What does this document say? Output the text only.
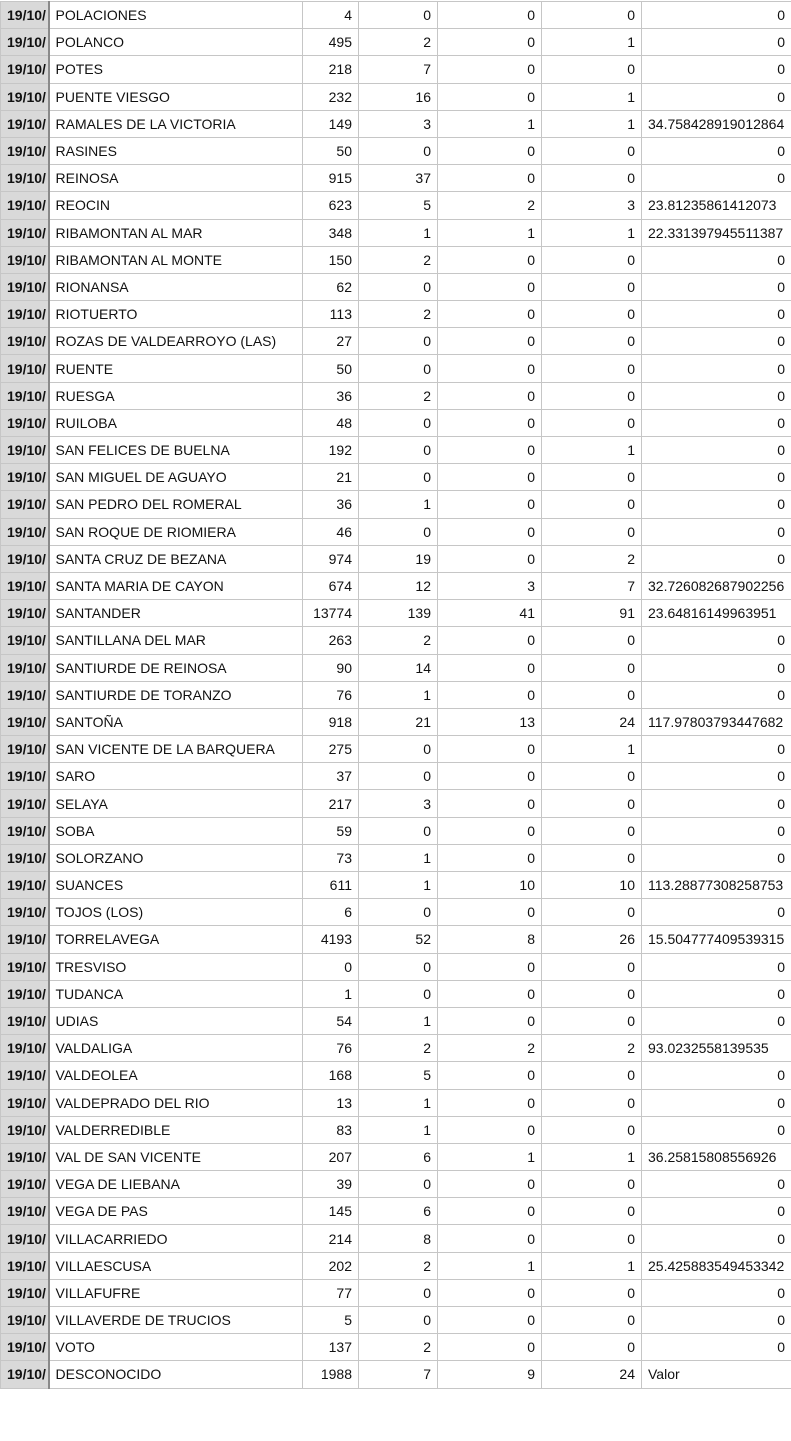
19/10/	POLACIONES	4	0	0	0	0
19/10/	POLANCO	495	2	0	1	0
19/10/	POTES	218	7	0	0	0
19/10/	PUENTE VIESGO	232	16	0	1	0
19/10/	RAMALES DE LA VICTORIA	149	3	1	1	34.758428919012864
19/10/	RASINES	50	0	0	0	0
19/10/	REINOSA	915	37	0	0	0
19/10/	REOCIN	623	5	2	3	23.81235861412073
19/10/	RIBAMONTAN AL MAR	348	1	1	1	22.331397945511387
19/10/	RIBAMONTAN AL MONTE	150	2	0	0	0
19/10/	RIONANSA	62	0	0	0	0
19/10/	RIOTUERTO	113	2	0	0	0
19/10/	ROZAS DE VALDEARROYO (LAS)	27	0	0	0	0
19/10/	RUENTE	50	0	0	0	0
19/10/	RUESGA	36	2	0	0	0
19/10/	RUILOBA	48	0	0	0	0
19/10/	SAN FELICES DE BUELNA	192	0	0	1	0
19/10/	SAN MIGUEL DE AGUAYO	21	0	0	0	0
19/10/	SAN PEDRO DEL ROMERAL	36	1	0	0	0
19/10/	SAN ROQUE DE RIOMIERA	46	0	0	0	0
19/10/	SANTA CRUZ DE BEZANA	974	19	0	2	0
19/10/	SANTA MARIA DE CAYON	674	12	3	7	32.726082687902256
19/10/	SANTANDER	13774	139	41	91	23.64816149963951
19/10/	SANTILLANA DEL MAR	263	2	0	0	0
19/10/	SANTIURDE DE REINOSA	90	14	0	0	0
19/10/	SANTIURDE DE TORANZO	76	1	0	0	0
19/10/	SANTOÑA	918	21	13	24	117.97803793447682
19/10/	SAN VICENTE DE LA BARQUERA	275	0	0	1	0
19/10/	SARO	37	0	0	0	0
19/10/	SELAYA	217	3	0	0	0
19/10/	SOBA	59	0	0	0	0
19/10/	SOLORZANO	73	1	0	0	0
19/10/	SUANCES	611	1	10	10	113.28877308258753
19/10/	TOJOS (LOS)	6	0	0	0	0
19/10/	TORRELAVEGA	4193	52	8	26	15.504777409539315
19/10/	TRESVISO	0	0	0	0	0
19/10/	TUDANCA	1	0	0	0	0
19/10/	UDIAS	54	1	0	0	0
19/10/	VALDALIGA	76	2	2	2	93.0232558139535
19/10/	VALDEOLEA	168	5	0	0	0
19/10/	VALDEPRADO DEL RIO	13	1	0	0	0
19/10/	VALDERREDIBLE	83	1	0	0	0
19/10/	VAL DE SAN VICENTE	207	6	1	1	36.25815808556926
19/10/	VEGA DE LIEBANA	39	0	0	0	0
19/10/	VEGA DE PAS	145	6	0	0	0
19/10/	VILLACARRIEDO	214	8	0	0	0
19/10/	VILLAESCUSA	202	2	1	1	25.425883549453342
19/10/	VILLAFUFRE	77	0	0	0	0
19/10/	VILLAVERDE DE TRUCIOS	5	0	0	0	0
19/10/	VOTO	137	2	0	0	0
19/10/	DESCONOCIDO	1988	7	9	24	Valor
